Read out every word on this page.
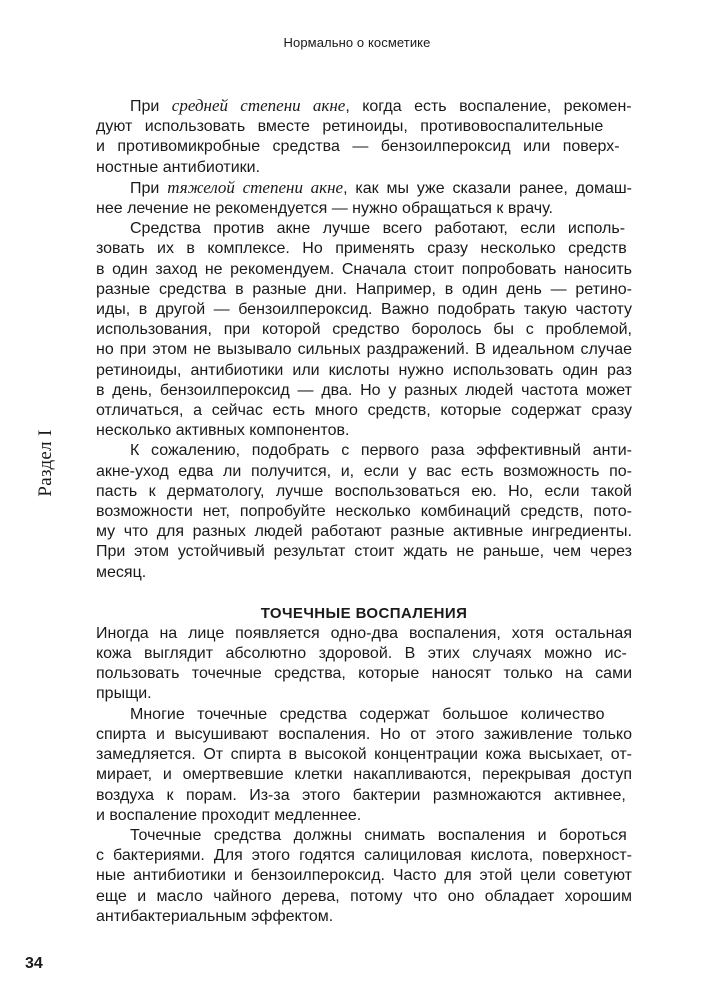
Нормально о косметике
Раздел I
При средней степени акне, когда есть воспаление, рекомен-
дуют использовать вместе ретиноиды, противовоспалительные
и противомикробные средства — бензоилпероксид или поверх-
ностные антибиотики.
При тяжелой степени акне, как мы уже сказали ранее, домаш-
нее лечение не рекомендуется — нужно обращаться к врачу.
Средства против акне лучше всего работают, если исполь-
зовать их в комплексе. Но применять сразу несколько средств
в один заход не рекомендуем. Сначала стоит попробовать наносить
разные средства в разные дни. Например, в один день — ретино-
иды, в другой — бензоилпероксид. Важно подобрать такую частоту
использования, при которой средство боролось бы с проблемой,
но при этом не вызывало сильных раздражений. В идеальном случае
ретиноиды, антибиотики или кислоты нужно использовать один раз
в день, бензоилпероксид — два. Но у разных людей частота может
отличаться, а сейчас есть много средств, которые содержат сразу
несколько активных компонентов.
К сожалению, подобрать с первого раза эффективный анти-
акне-уход едва ли получится, и, если у вас есть возможность по-
пасть к дерматологу, лучше воспользоваться ею. Но, если такой
возможности нет, попробуйте несколько комбинаций средств, пото-
му что для разных людей работают разные активные ингредиенты.
При этом устойчивый результат стоит ждать не раньше, чем через
месяц.
ТОЧЕЧНЫЕ ВОСПАЛЕНИЯ
Иногда на лице появляется одно-два воспаления, хотя остальная
кожа выглядит абсолютно здоровой. В этих случаях можно ис-
пользовать точечные средства, которые наносят только на сами
прыщи.
Многие точечные средства содержат большое количество
спирта и высушивают воспаления. Но от этого заживление только
замедляется. От спирта в высокой концентрации кожа высыхает, от-
мирает, и омертвевшие клетки накапливаются, перекрывая доступ
воздуха к порам. Из-за этого бактерии размножаются активнее,
и воспаление проходит медленнее.
Точечные средства должны снимать воспаления и бороться
с бактериями. Для этого годятся салициловая кислота, поверхност-
ные антибиотики и бензоилпероксид. Часто для этой цели советуют
еще и масло чайного дерева, потому что оно обладает хорошим
антибактериальным эффектом.
34
